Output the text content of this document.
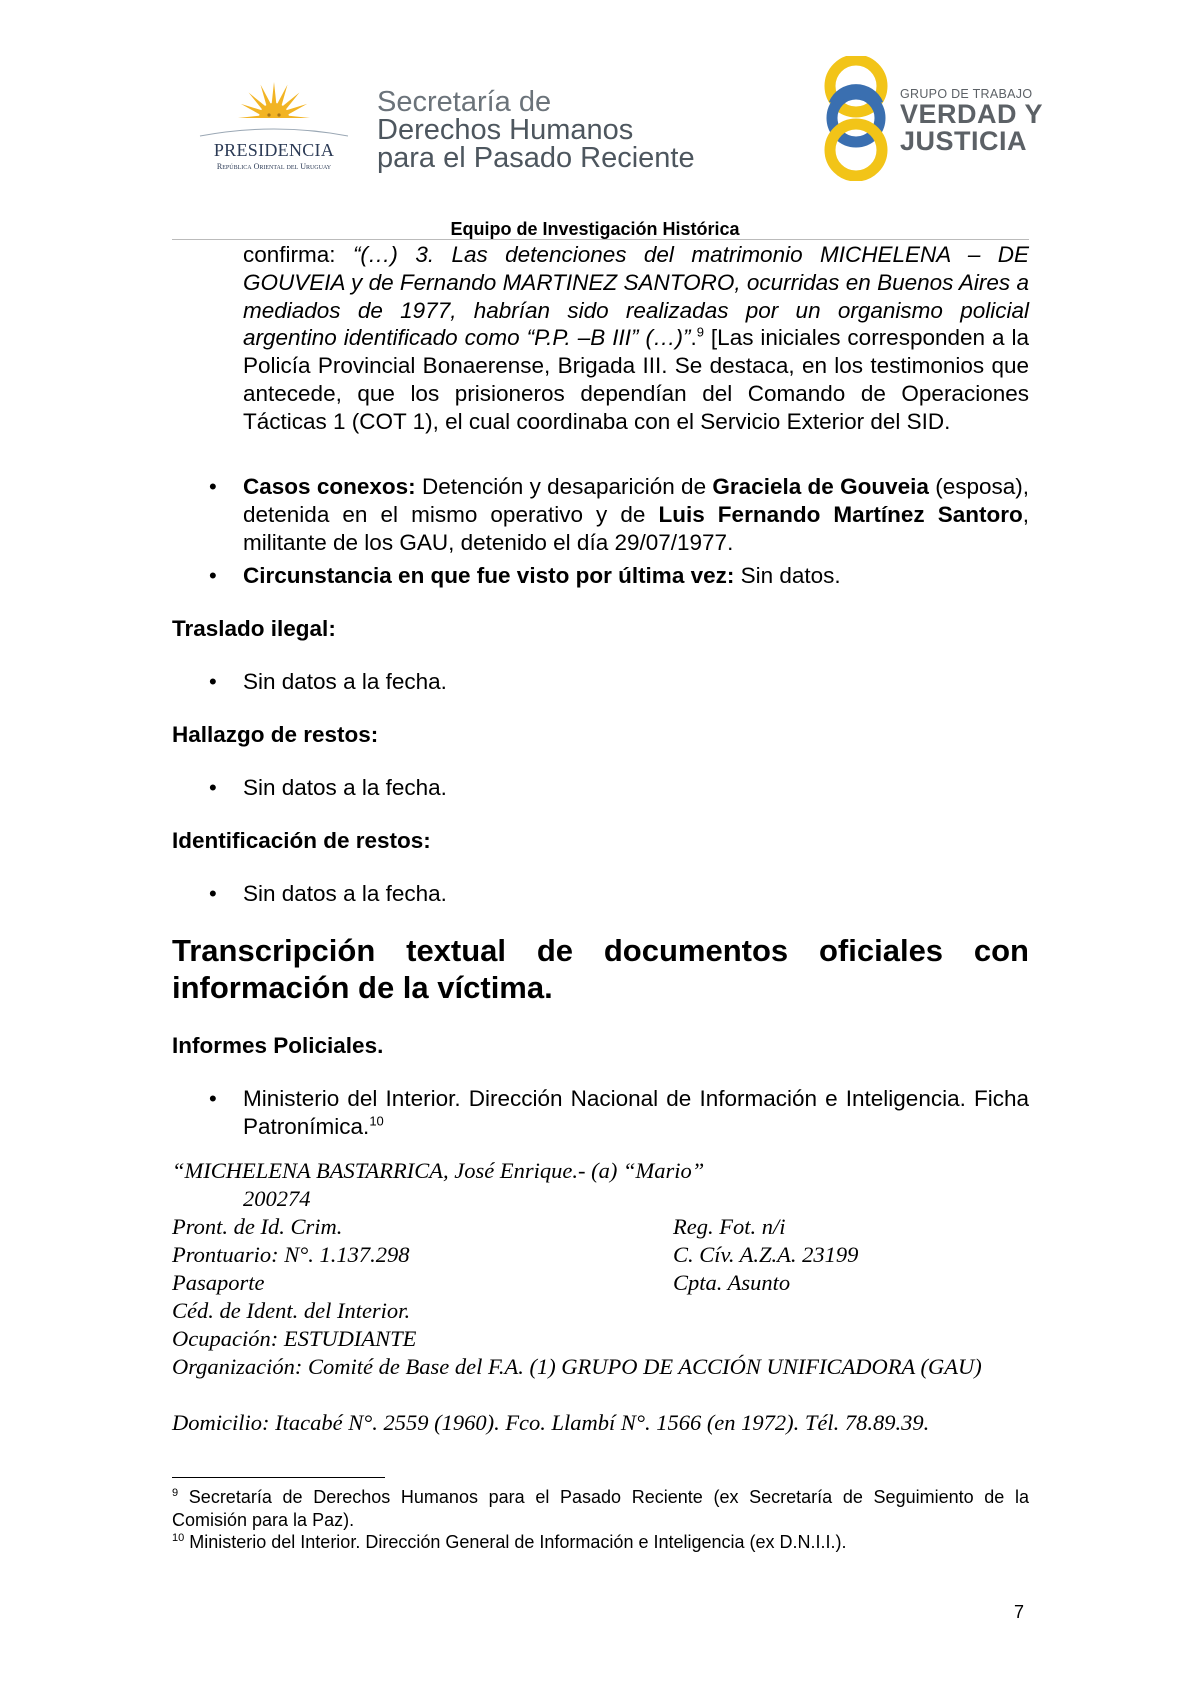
PRESIDENCIA
República Oriental del Uruguay
Secretaría de
Derechos Humanos
para el Pasado Reciente
GRUPO DE TRABAJO
VERDAD Y
JUSTICIA
Equipo de Investigación Histórica
confirma: “(…) 3. Las detenciones del matrimonio MICHELENA – DE GOUVEIA y de Fernando MARTINEZ SANTORO, ocurridas en Buenos Aires a mediados de 1977, habrían sido realizadas por un organismo policial argentino identificado como “P.P. –B III” (…)”.$^9$ [Las iniciales corresponden a la Policía Provincial Bonaerense, Brigada III. Se destaca, en los testimonios que antecede, que los prisioneros dependían del Comando de Operaciones Tácticas 1 (COT 1), el cual coordinaba con el Servicio Exterior del SID.
• Casos conexos: Detención y desaparición de Graciela de Gouveia (esposa), detenida en el mismo operativo y de Luis Fernando Martínez Santoro, militante de los GAU, detenido el día 29/07/1977.
• Circunstancia en que fue visto por última vez: Sin datos.
Traslado ilegal:
• Sin datos a la fecha.
Hallazgo de restos:
• Sin datos a la fecha.
Identificación de restos:
• Sin datos a la fecha.
Transcripción textual de documentos oficiales con información de la víctima.
Informes Policiales.
• Ministerio del Interior. Dirección Nacional de Información e Inteligencia. Ficha Patronímica.$^{10}$
“MICHELENA BASTARRICA, José Enrique.- (a) “Mario”
200274
Pront. de Id. Crim.
Prontuario: N°. 1.137.298
Pasaporte
Céd. de Ident. del Interior.
Ocupación: ESTUDIANTE
Reg. Fot. n/i
C. Cív. A.Z.A. 23199
Cpta. Asunto
Organización: Comité de Base del F.A. (1) GRUPO DE ACCIÓN UNIFICADORA (GAU)
Domicilio: Itacabé N°. 2559 (1960). Fco. Llambí N°. 1566 (en 1972). Tél. 78.89.39.
$^9$ Secretaría de Derechos Humanos para el Pasado Reciente (ex Secretaría de Seguimiento de la Comisión para la Paz).
$^{10}$ Ministerio del Interior. Dirección General de Información e Inteligencia (ex D.N.I.I.).
7
